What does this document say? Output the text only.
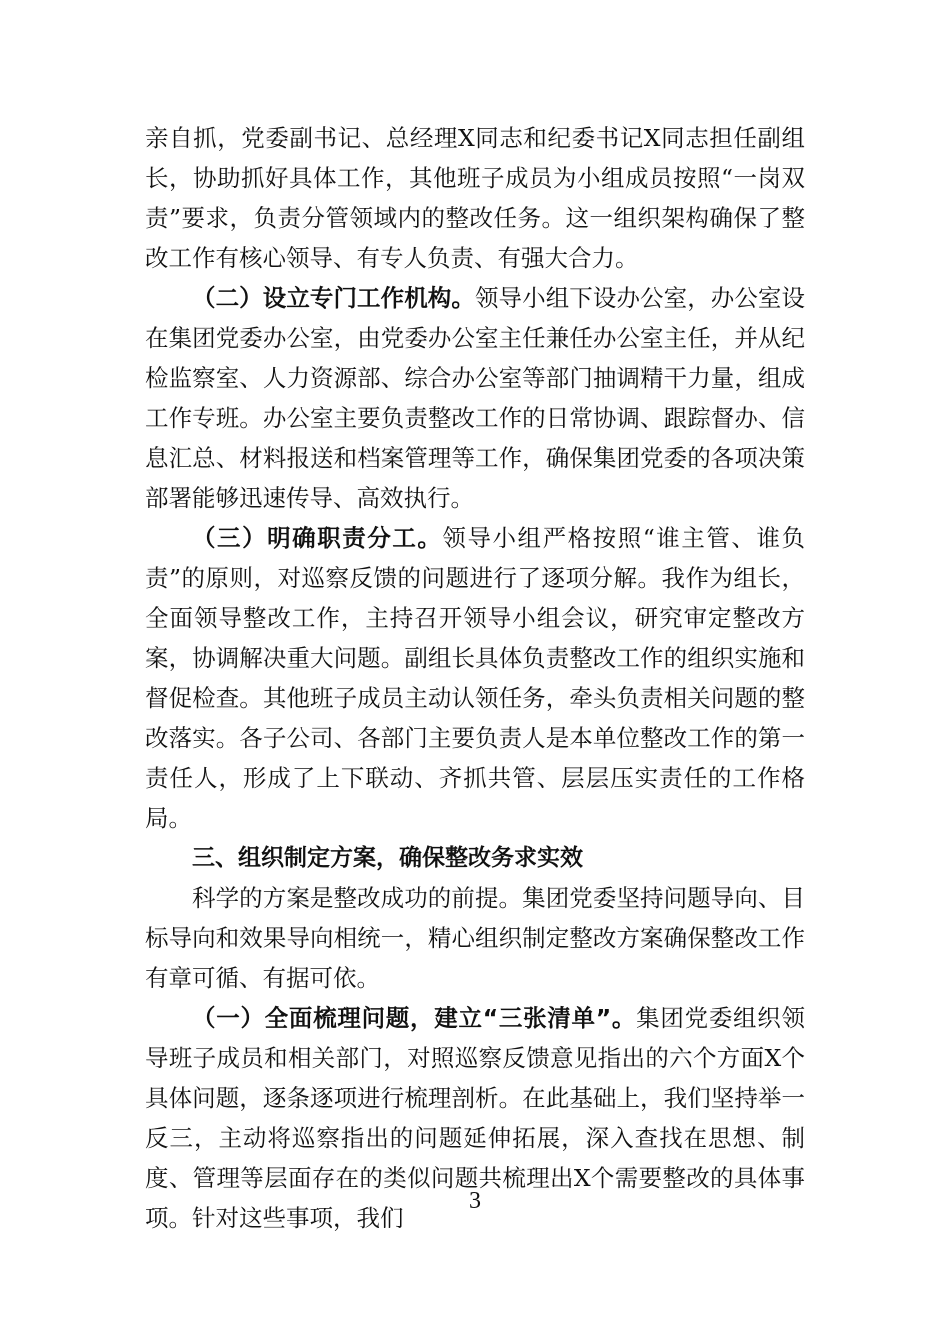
亲自抓，党委副书记、总经理X同志和纪委书记X同志担任副组长，协助抓好具体工作，其他班子成员为小组成员按照“一岗双责”要求，负责分管领域内的整改任务。这一组织架构确保了整改工作有核心领导、有专人负责、有强大合力。

（二）设立专门工作机构。领导小组下设办公室，办公室设在集团党委办公室，由党委办公室主任兼任办公室主任，并从纪检监察室、人力资源部、综合办公室等部门抽调精干力量，组成工作专班。办公室主要负责整改工作的日常协调、跟踪督办、信息汇总、材料报送和档案管理等工作，确保集团党委的各项决策部署能够迅速传导、高效执行。

（三）明确职责分工。领导小组严格按照“谁主管、谁负责”的原则，对巡察反馈的问题进行了逐项分解。我作为组长，全面领导整改工作，主持召开领导小组会议，研究审定整改方案，协调解决重大问题。副组长具体负责整改工作的组织实施和督促检查。其他班子成员主动认领任务，牵头负责相关问题的整改落实。各子公司、各部门主要负责人是本单位整改工作的第一责任人，形成了上下联动、齐抓共管、层层压实责任的工作格局。

三、组织制定方案，确保整改务求实效

科学的方案是整改成功的前提。集团党委坚持问题导向、目标导向和效果导向相统一，精心组织制定整改方案确保整改工作有章可循、有据可依。

（一）全面梳理问题，建立“三张清单”。集团党委组织领导班子成员和相关部门，对照巡察反馈意见指出的六个方面X个具体问题，逐条逐项进行梳理剖析。在此基础上，我们坚持举一反三，主动将巡察指出的问题延伸拓展，深入查找在思想、制度、管理等层面存在的类似问题共梳理出X个需要整改的具体事项。针对这些事项，我们

3
